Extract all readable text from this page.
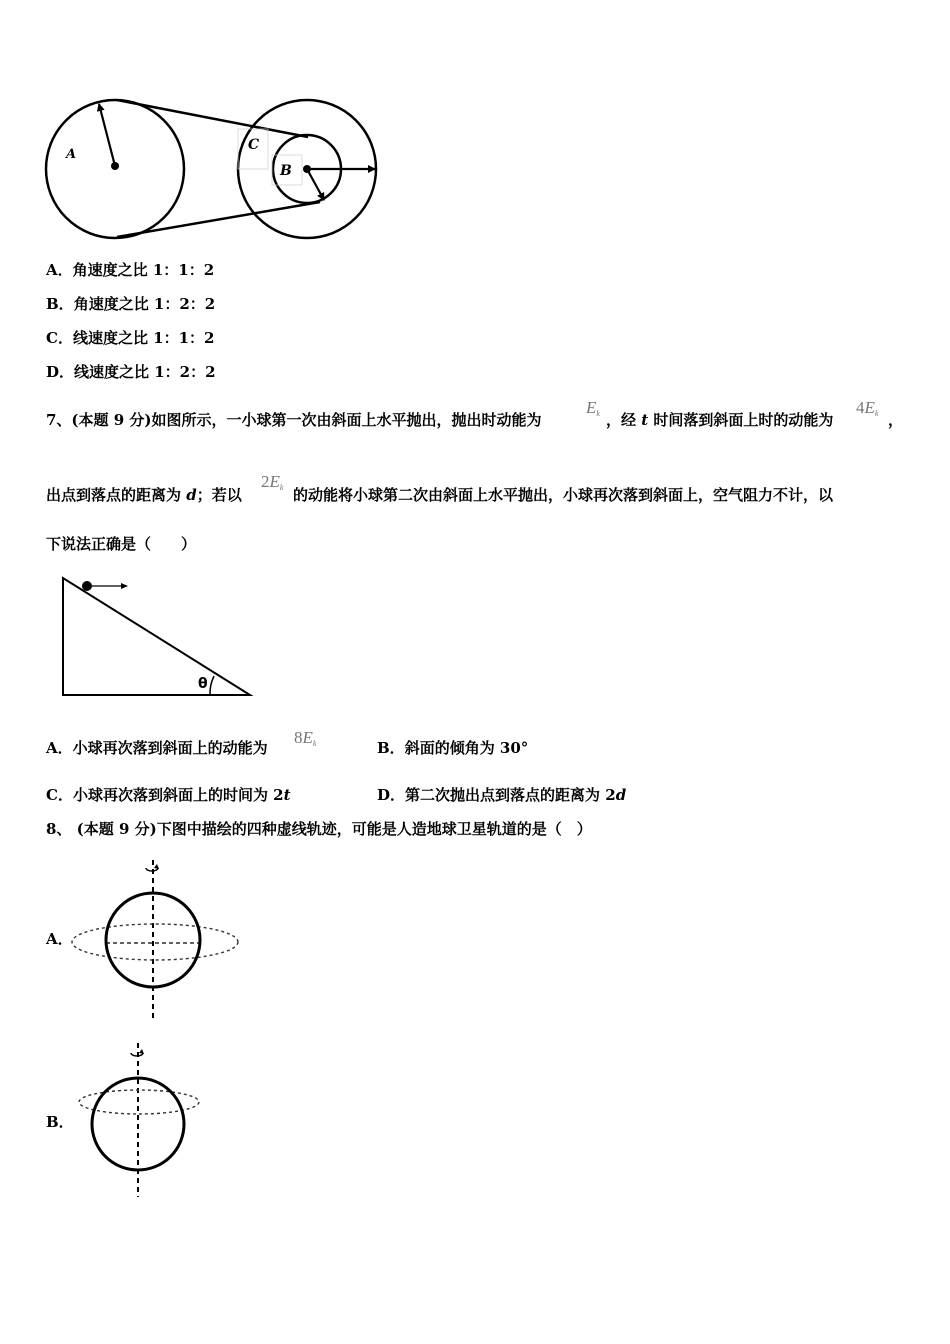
A
C
B
A．角速度之比 1：1：2
B．角速度之比 1：2：2
C．线速度之比 1：1：2
D．线速度之比 1：2：2
7、(本题 9 分)如图所示，一小球第一次由斜面上水平抛出，抛出时动能为
$E_k$ ，经 t 时间落到斜面上时的动能为
$4E_k$ ，
出点到落点的距离为 d；若以
$2E_k$ 的动能将小球第二次由斜面上水平抛出，小球再次落到斜面上，空气阻力不计，以
下说法正确是（　　）
θ
A．小球再次落到斜面上的动能为
$8E_k$	B．斜面的倾角为 30°
C．小球再次落到斜面上的时间为 2t	D．第二次抛出点到落点的距离为 2d
8、 (本题 9 分)下图中描绘的四种虚线轨迹，可能是人造地球卫星轨道的是（　）
A．
B．
